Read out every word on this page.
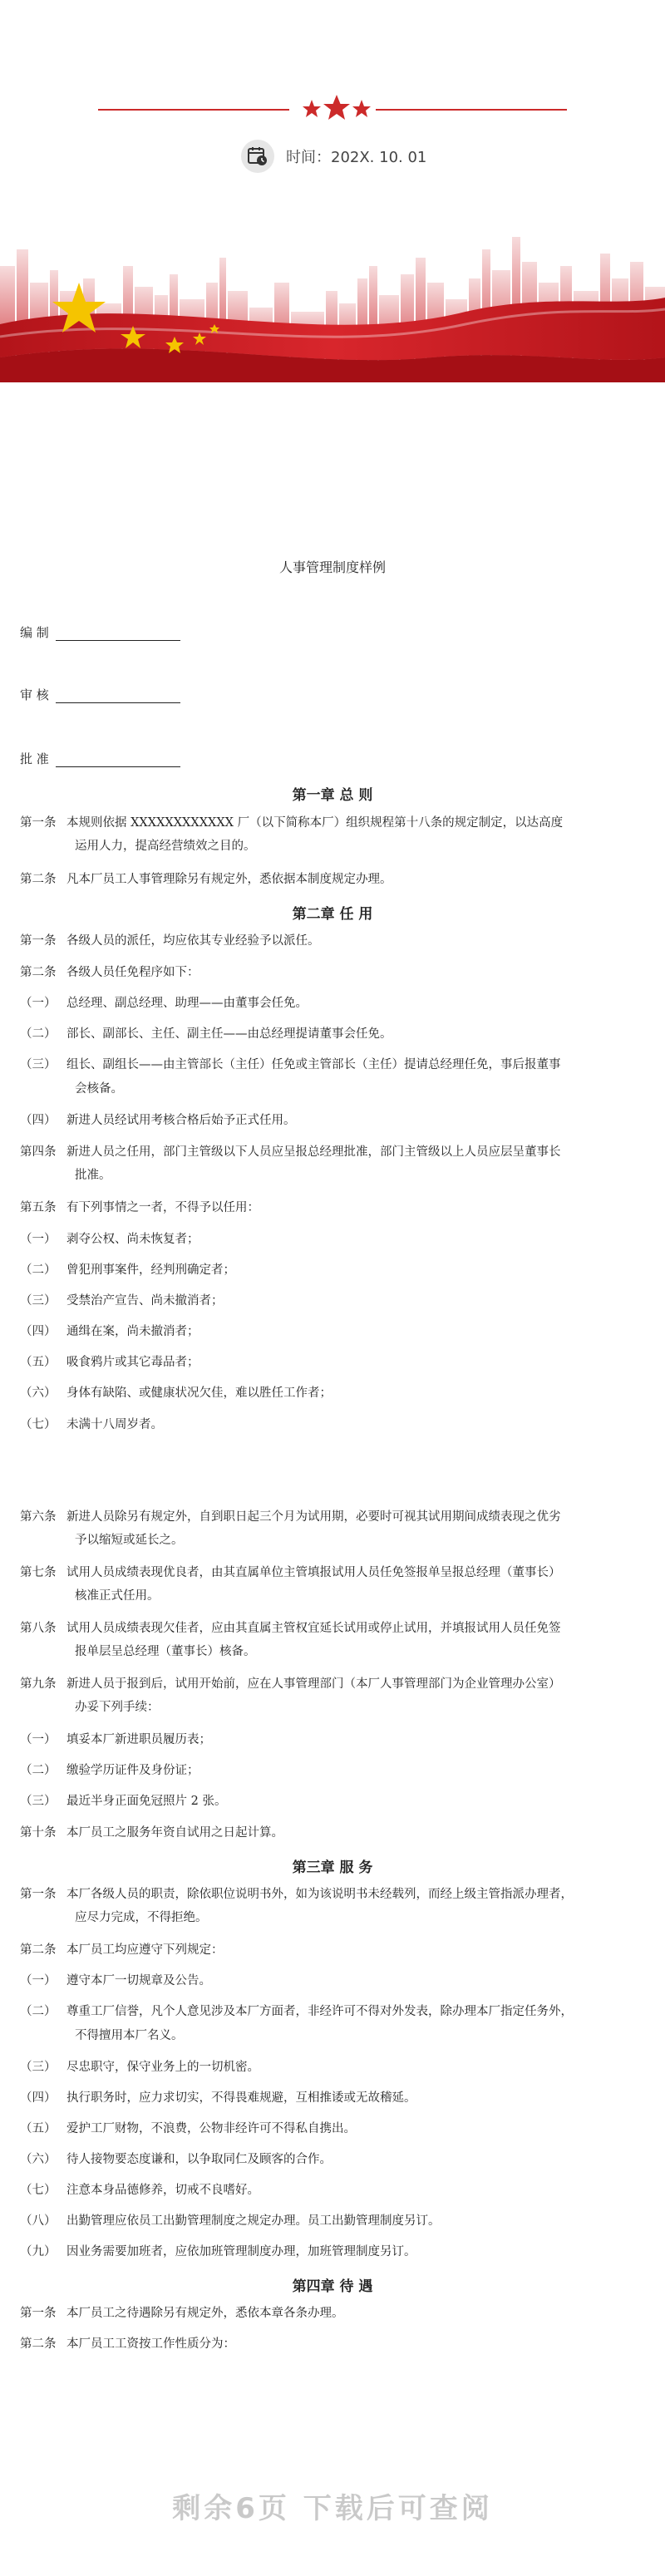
时间：202X. 10. 01
人事管理制度样例
编 制
审 核
批 准
第一章 总 则
第一条 本规则依据 XXXXXXXXXXXX 厂（以下简称本厂）组织规程第十八条的规定制定，以达高度
运用人力，提高经营绩效之目的。
第二条 凡本厂员工人事管理除另有规定外，悉依据本制度规定办理。
第二章 任 用
第一条 各级人员的派任，均应依其专业经验予以派任。
第二条 各级人员任免程序如下：
（一） 总经理、副总经理、助理——由董事会任免。
（二） 部长、副部长、主任、副主任——由总经理提请董事会任免。
（三） 组长、副组长——由主管部长（主任）任免或主管部长（主任）提请总经理任免，事后报董事
会核备。
（四） 新进人员经试用考核合格后始予正式任用。
第四条 新进人员之任用，部门主管级以下人员应呈报总经理批准，部门主管级以上人员应层呈董事长
批准。
第五条 有下列事情之一者，不得予以任用：
（一） 剥夺公权、尚未恢复者；
（二） 曾犯刑事案件，经判刑确定者；
（三） 受禁治产宣告、尚未撤消者；
（四） 通缉在案，尚未撤消者；
（五） 吸食鸦片或其它毒品者；
（六） 身体有缺陷、或健康状况欠佳，难以胜任工作者；
（七） 未满十八周岁者。
第六条 新进人员除另有规定外，自到职日起三个月为试用期，必要时可视其试用期间成绩表现之优劣
予以缩短或延长之。
第七条 试用人员成绩表现优良者，由其直属单位主管填报试用人员任免签报单呈报总经理（董事长）
核准正式任用。
第八条 试用人员成绩表现欠佳者，应由其直属主管权宜延长试用或停止试用，并填报试用人员任免签
报单层呈总经理（董事长）核备。
第九条 新进人员于报到后，试用开始前，应在人事管理部门（本厂人事管理部门为企业管理办公室）
办妥下列手续：
（一） 填妥本厂新进职员履历表；
（二） 缴验学历证件及身份证；
（三） 最近半身正面免冠照片 2 张。
第十条 本厂员工之服务年资自试用之日起计算。
第三章 服 务
第一条 本厂各级人员的职责，除依职位说明书外，如为该说明书未经载列，而经上级主管指派办理者，
应尽力完成，不得拒绝。
第二条 本厂员工均应遵守下列规定：
（一） 遵守本厂一切规章及公告。
（二） 尊重工厂信誉，凡个人意见涉及本厂方面者，非经许可不得对外发表，除办理本厂指定任务外，
不得擅用本厂名义。
（三） 尽忠职守，保守业务上的一切机密。
（四） 执行职务时，应力求切实，不得畏难规避，互相推诿或无故稽延。
（五） 爱护工厂财物，不浪费，公物非经许可不得私自携出。
（六） 待人接物要态度谦和，以争取同仁及顾客的合作。
（七） 注意本身品德修养，切戒不良嗜好。
（八） 出勤管理应依员工出勤管理制度之规定办理。员工出勤管理制度另订。
（九） 因业务需要加班者，应依加班管理制度办理，加班管理制度另订。
第四章 待 遇
第一条 本厂员工之待遇除另有规定外，悉依本章各条办理。
第二条 本厂员工工资按工作性质分为：
剩余6页 下载后可查阅
